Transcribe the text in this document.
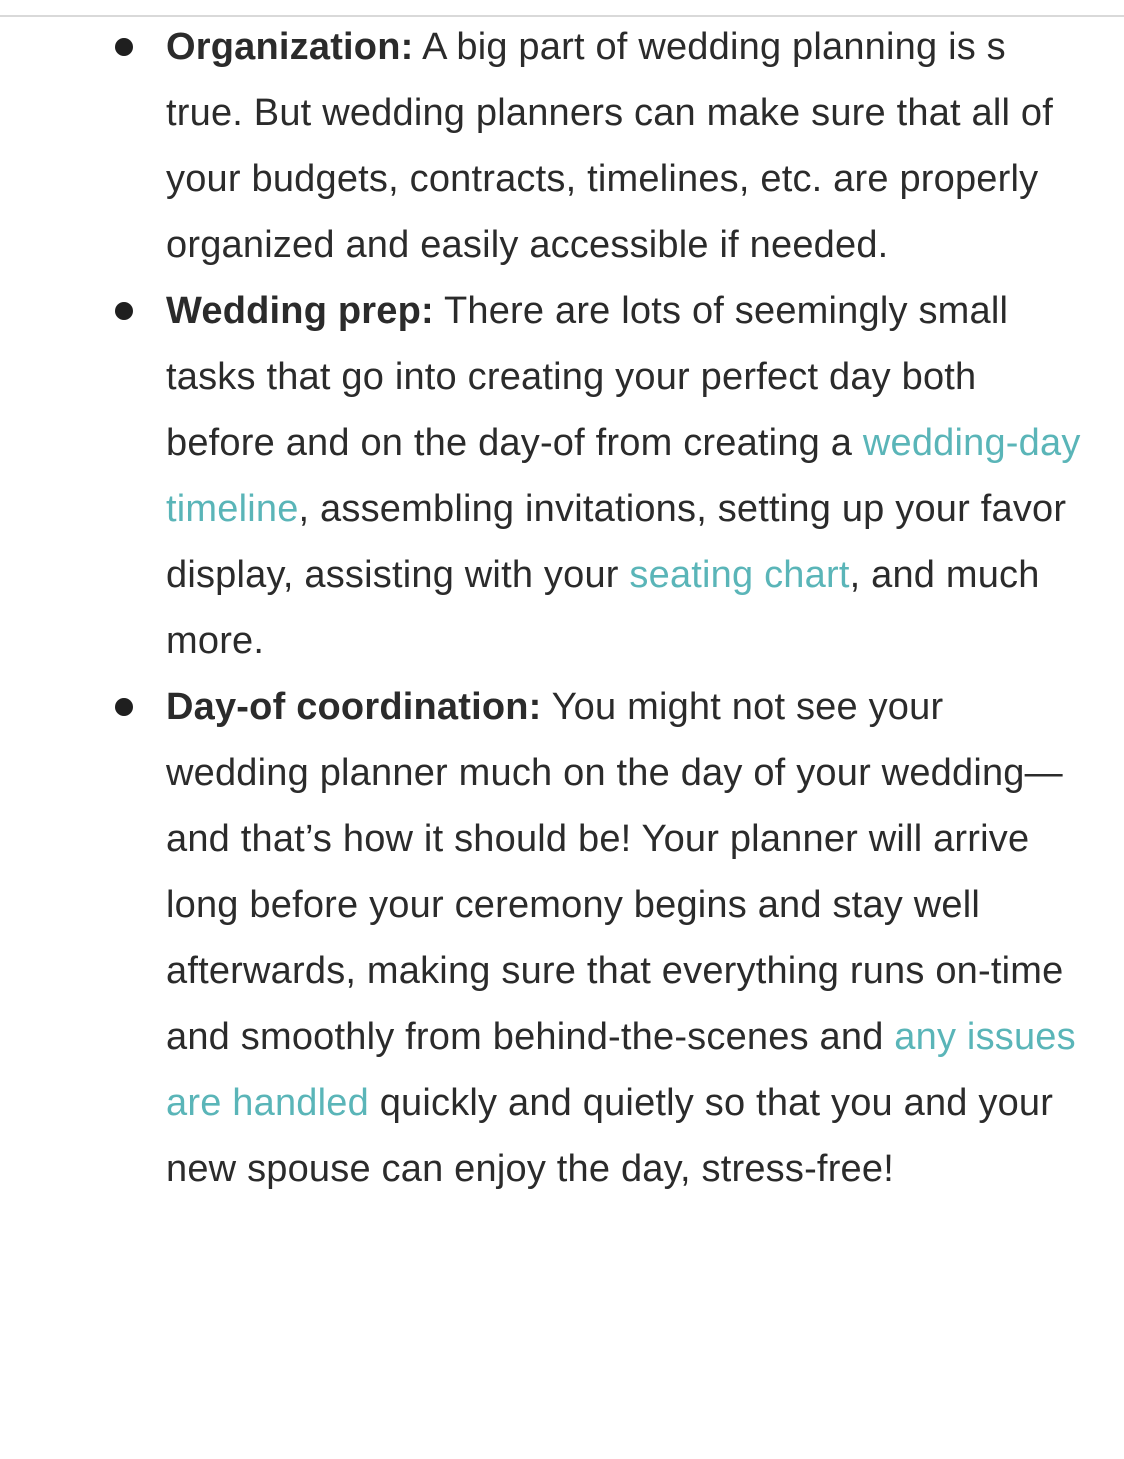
Organization: A big part of wedding planning is s true. But wedding planners can make sure that all of your budgets, contracts, timelines, etc. are properly organized and easily accessible if needed.
Wedding prep: There are lots of seemingly small tasks that go into creating your perfect day both before and on the day-of from creating a wedding-day timeline, assembling invitations, setting up your favor display, assisting with your seating chart, and much more.
Day-of coordination: You might not see your wedding planner much on the day of your wedding—and that’s how it should be! Your planner will arrive long before your ceremony begins and stay well afterwards, making sure that everything runs on-time and smoothly from behind-the-scenes and any issues are handled quickly and quietly so that you and your new spouse can enjoy the day, stress-free!
